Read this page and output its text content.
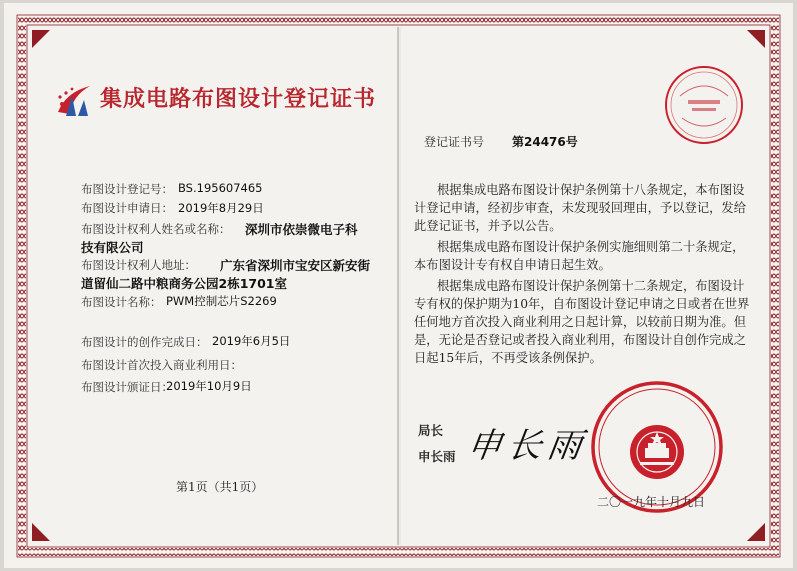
集成电路布图设计登记证书
布图设计登记号： BS.195607465
布图设计申请日： 2019年8月29日
布图设计权利人姓名或名称： 深圳市依崇微电子科
技有限公司
布图设计权利人地址： 广东省深圳市宝安区新安街
道留仙二路中粮商务公园2栋1701室
布图设计名称： PWM控制芯片S2269
布图设计的创作完成日： 2019年6月5日
布图设计首次投入商业利用日：
布图设计颁证日：
2019年10月9日
第1页（共1页）
登记证书号 第24476号
根据集成电路布图设计保护条例第十八条规定，本布图设
计登记申请，经初步审查，未发现驳回理由，予以登记，发给
此登记证书，并予以公告。
根据集成电路布图设计保护条例实施细则第二十条规定，
本布图设计专有权自申请日起生效。
根据集成电路布图设计保护条例第十二条规定，布图设计
专有权的保护期为10年，自布图设计登记申请之日或者在世界
任何地方首次投入商业利用之日起计算，以较前日期为准。但
是，无论是否登记或者投入商业利用，布图设计自创作完成之
日起15年后，不再受该条例保护。
局长
申长雨 申长雨
二〇一九年十月九日
